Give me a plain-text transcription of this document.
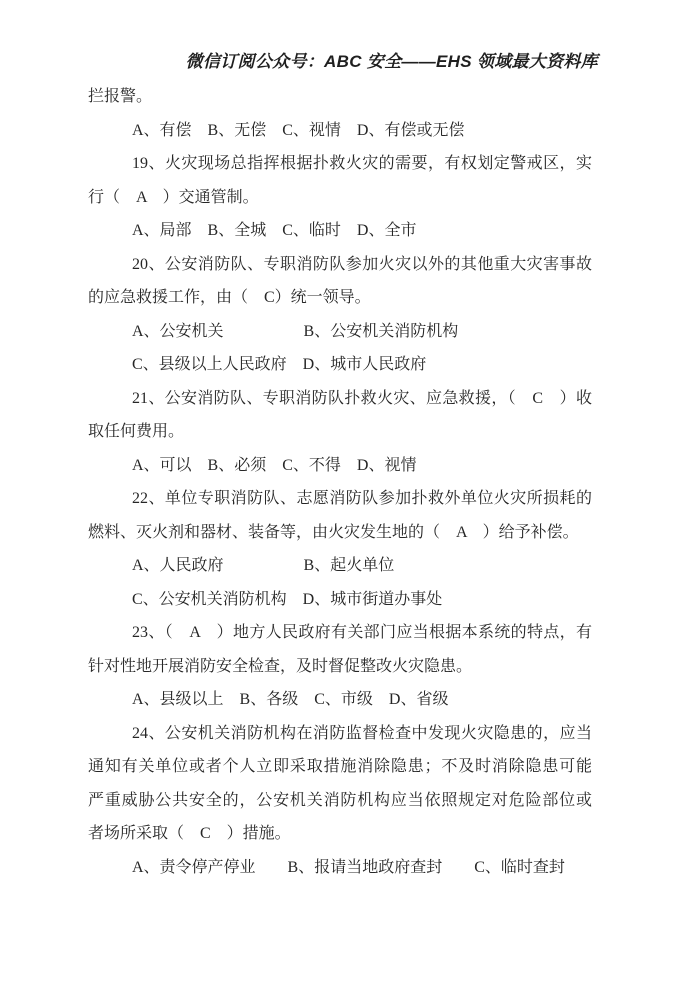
微信订阅公众号：ABC 安全——EHS 领域最大资料库
拦报警。
A、有偿　B、无偿　C、视情　D、有偿或无偿
19、火灾现场总指挥根据扑救火灾的需要，有权划定警戒区，实
行（　A　）交通管制。
A、局部　B、全城　C、临时　D、全市
20、公安消防队、专职消防队参加火灾以外的其他重大灾害事故
的应急救援工作，由（　C）统一领导。
A、公安机关　　　　　B、公安机关消防机构
C、县级以上人民政府　D、城市人民政府
21、公安消防队、专职消防队扑救火灾、应急救援，（　C　）收
取任何费用。
A、可以　B、必须　C、不得　D、视情
22、单位专职消防队、志愿消防队参加扑救外单位火灾所损耗的
燃料、灭火剂和器材、装备等，由火灾发生地的（　A　）给予补偿。
A、人民政府　　　　　B、起火单位
C、公安机关消防机构　D、城市街道办事处
23、（　A　）地方人民政府有关部门应当根据本系统的特点，有
针对性地开展消防安全检查，及时督促整改火灾隐患。
A、县级以上　B、各级　C、市级　D、省级
24、公安机关消防机构在消防监督检查中发现火灾隐患的，应当
通知有关单位或者个人立即采取措施消除隐患；不及时消除隐患可能
严重威胁公共安全的，公安机关消防机构应当依照规定对危险部位或
者场所采取（　C　）措施。
A、责令停产停业　　B、报请当地政府查封　　C、临时查封
